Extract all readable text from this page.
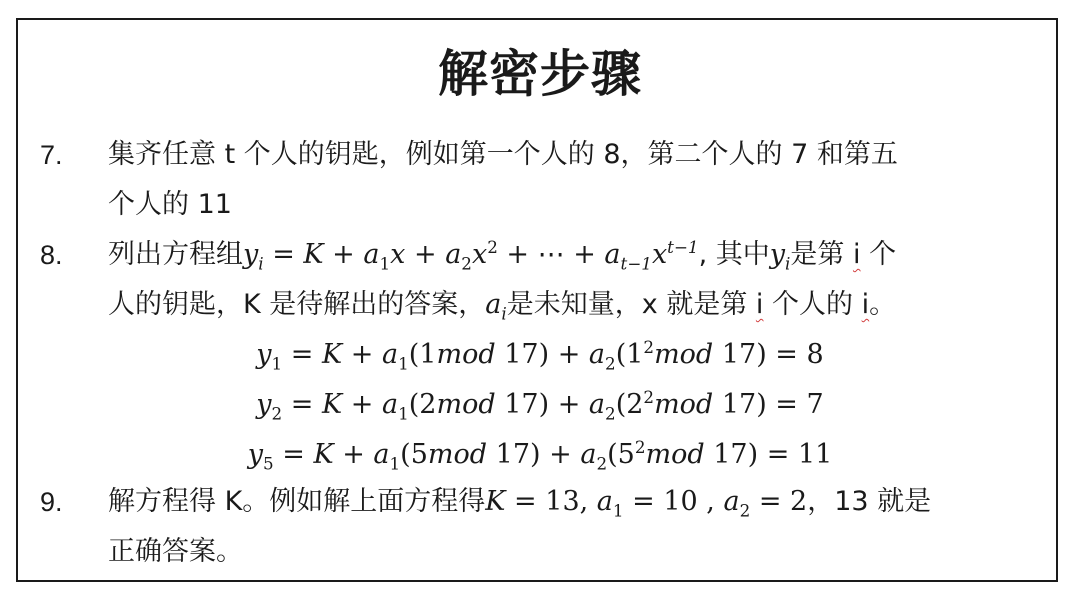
解密步骤
7. 集齐任意 t 个人的钥匙，例如第一个人的 8，第二个人的 7 和第五
个人的 11
8. 列出方程组$y_i = K + a_1x + a_2x^2$ + ⋯ + $a_{t-1}x^{t-1}$, 其中$y_i$是第 i 个
人的钥匙，K 是待解出的答案，$a_i$是未知量，x 就是第 i 个人的 i。
$y_1 = K + a_1(1mod$ $17) + a_2(1^2mod$ 17) = 8
$y_2 = K + a_1(2mod$ $17) + a_2(2^2mod$ 17) = 7
$y_5 = K + a_1(5mod$ $17) + a_2(5^2mod$ 17) = 11
9. 解方程得 K。例如解上面方程得K = 13, $a_1 = 10$ , $a_2 = 2$，13 就是
正确答案。
